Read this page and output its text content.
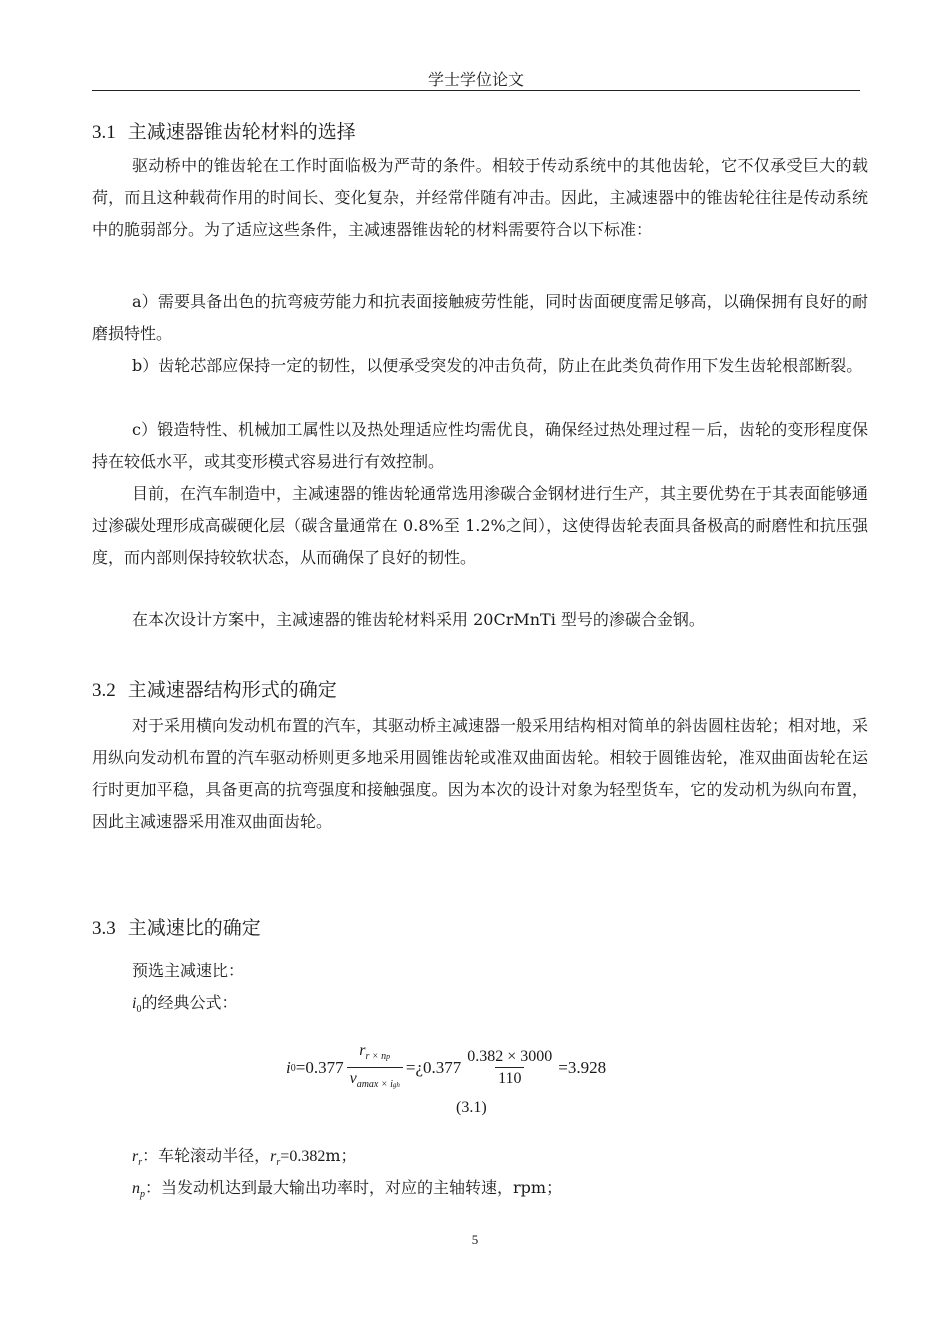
学士学位论文
3.1 主减速器锥齿轮材料的选择

驱动桥中的锥齿轮在工作时面临极为严苛的条件。相较于传动系统中的其他齿轮，它不仅承受巨大的载荷，而且这种载荷作用的时间长、变化复杂，并经常伴随有冲击。因此，主减速器中的锥齿轮往往是传动系统中的脆弱部分。为了适应这些条件，主减速器锥齿轮的材料需要符合以下标准：

a）需要具备出色的抗弯疲劳能力和抗表面接触疲劳性能，同时齿面硬度需足够高，以确保拥有良好的耐磨损特性。

b）齿轮芯部应保持一定的韧性，以便承受突发的冲击负荷，防止在此类负荷作用下发生齿轮根部断裂。

c）锻造特性、机械加工属性以及热处理适应性均需优良，确保经过热处理过程－后，齿轮的变形程度保持在较低水平，或其变形模式容易进行有效控制。

目前，在汽车制造中，主减速器的锥齿轮通常选用渗碳合金钢材进行生产，其主要优势在于其表面能够通过渗碳处理形成高碳硬化层（碳含量通常在 0.8%至 1.2%之间），这使得齿轮表面具备极高的耐磨性和抗压强度，而内部则保持较软状态，从而确保了良好的韧性。

在本次设计方案中，主减速器的锥齿轮材料采用 20CrMnTi 型号的渗碳合金钢。

3.2 主减速器结构形式的确定

对于采用横向发动机布置的汽车，其驱动桥主减速器一般采用结构相对简单的斜齿圆柱齿轮；相对地，采用纵向发动机布置的汽车驱动桥则更多地采用圆锥齿轮或准双曲面齿轮。相较于圆锥齿轮，准双曲面齿轮在运行时更加平稳，具备更高的抗弯强度和接触强度。因为本次的设计对象为轻型货车，它的发动机为纵向布置，因此主减速器采用准双曲面齿轮。

3.3 主减速比的确定
预选主减速比：
$i_0$的经典公式：
i $0 =0.377 \frac{r_{r \times np}}{v_{amax \times igh}}$ =¿0.377 $\frac{0.382 \times 3000}{110} =3.928$
(3.1)
$r_r$：车轮滚动半径，$r_r=0.382m$；
$n_p$：当发动机达到最大输出功率时，对应的主轴转速，rpm；
5
